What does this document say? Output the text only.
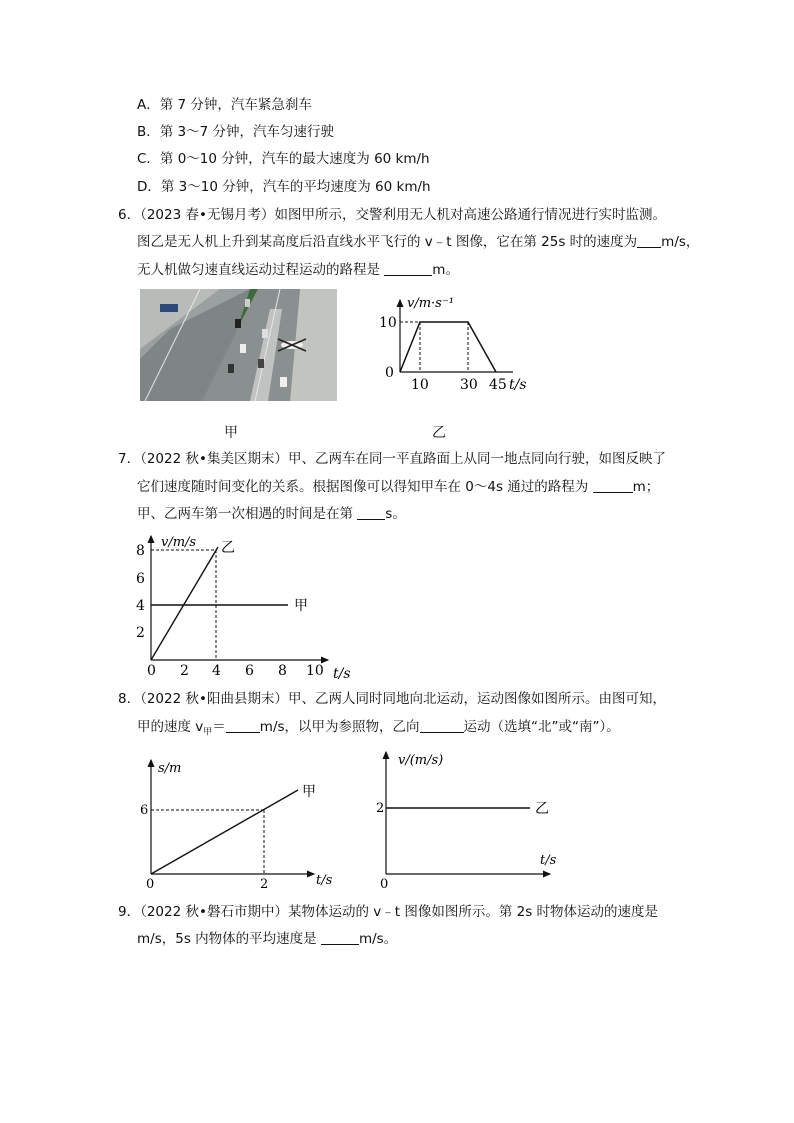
A．第 7 分钟，汽车紧急刹车
B．第 3～7 分钟，汽车匀速行驶
C．第 0～10 分钟，汽车的最大速度为 60 km/h
D．第 3～10 分钟，汽车的平均速度为 60 km/h
6．（2023 春•无锡月考）如图甲所示，交警利用无人机对高速公路通行情况进行实时监测。
图乙是无人机上升到某高度后沿直线水平飞行的 v﹣t 图像，它在第 25s 时的速度为 m/s，
无人机做匀速直线运动过程运动的路程是	m。
v/m·s⁻¹
10
0
10 30 45 t/s
甲	乙
7．（2022 秋•集美区期末）甲、乙两车在同一平直路面上从同一地点同向行驶，如图反映了
它们速度随时间变化的关系。根据图像可以得知甲车在 0～4s 通过的路程为	m；
甲、乙两车第一次相遇的时间是在第 s。
v/m/s 乙
甲
2
4
6
8
0 2 4 6 8 10 t/s
8．（2022 秋•阳曲县期末）甲、乙两人同时同地向北运动，运动图像如图所示。由图可知，
甲的速度 $v_甲=$	m/s，以甲为参照物，乙向	运动（选填“北”或“南”）。
s/m
甲
6
0	2	t/s
v/(m/s)
乙
2
0
t/s
9．（2022 秋•磐石市期中）某物体运动的 v﹣t 图像如图所示。第 2s 时物体运动的速度是
m/s，5s 内物体的平均速度是	m/s。
